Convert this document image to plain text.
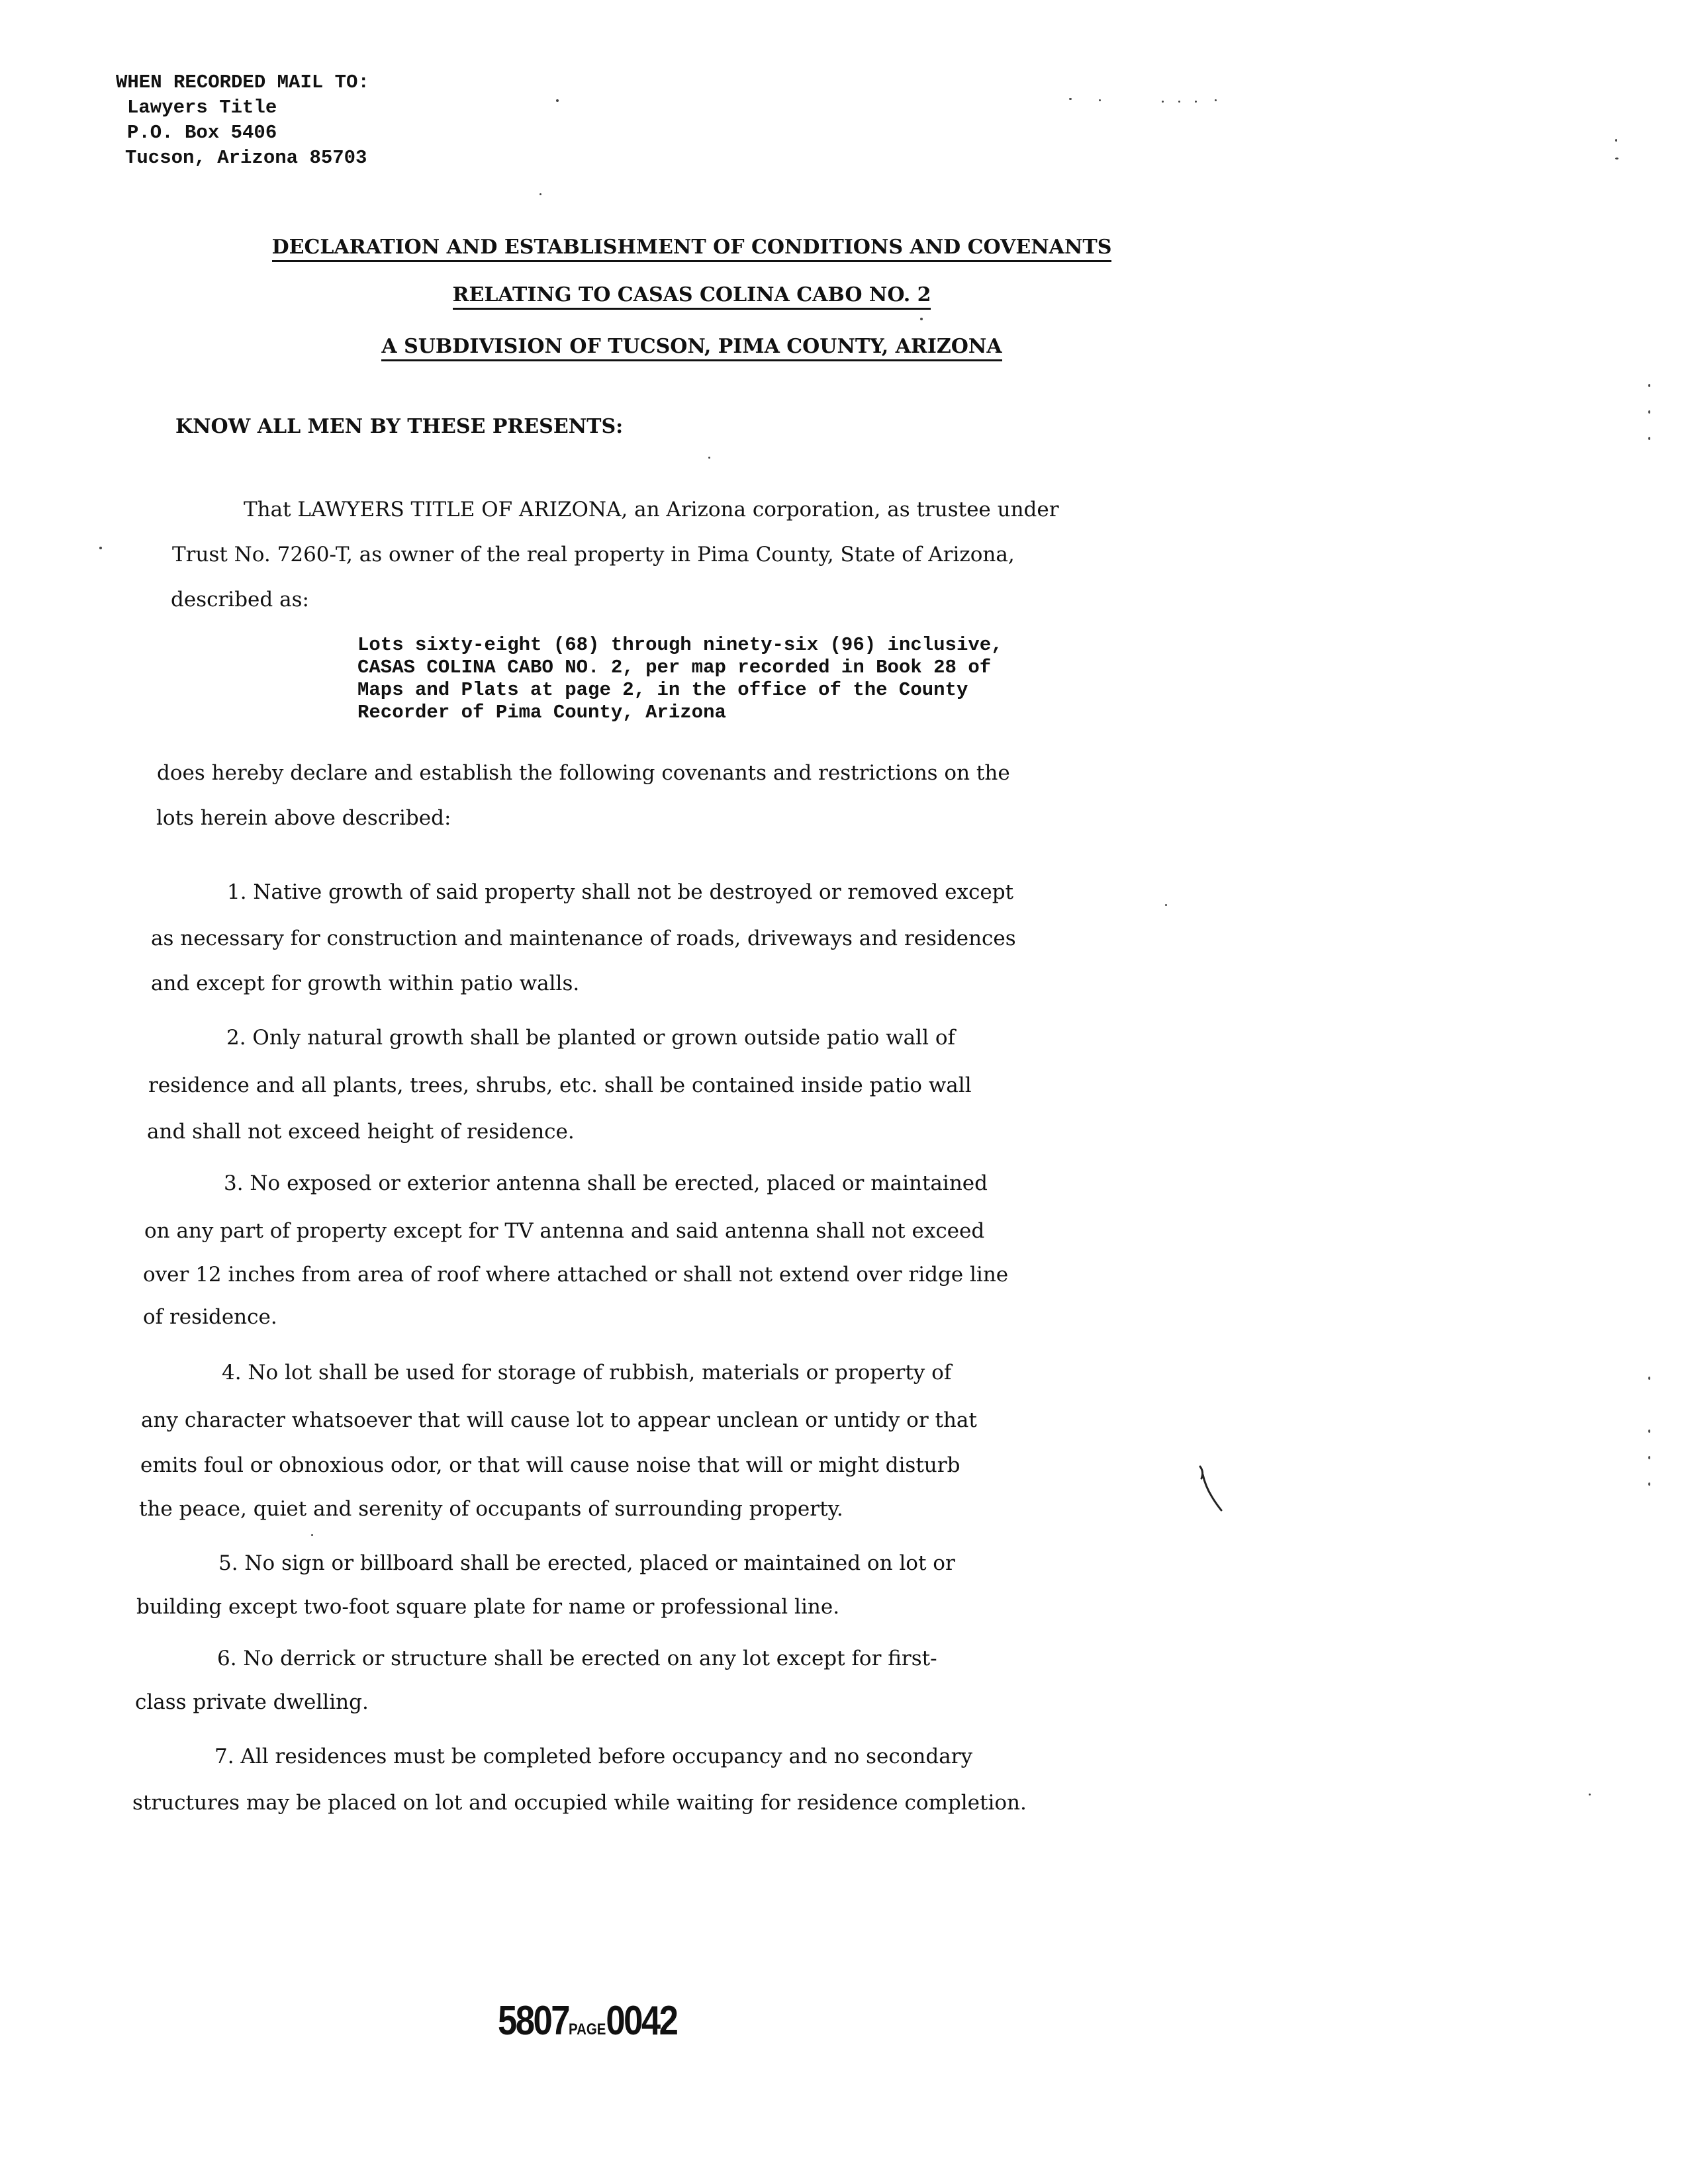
WHEN RECORDED MAIL TO:
Lawyers Title
P.O. Box 5406
Tucson, Arizona 85703
DECLARATION AND ESTABLISHMENT OF CONDITIONS AND COVENANTS
RELATING TO CASAS COLINA CABO NO. 2
A SUBDIVISION OF TUCSON, PIMA COUNTY, ARIZONA
KNOW ALL MEN BY THESE PRESENTS:
That LAWYERS TITLE OF ARIZONA, an Arizona corporation, as trustee under
Trust No. 7260-T, as owner of the real property in Pima County, State of Arizona,
described as:
Lots sixty-eight (68) through ninety-six (96) inclusive,
CASAS COLINA CABO NO. 2, per map recorded in Book 28 of
Maps and Plats at page 2, in the office of the County
Recorder of Pima County, Arizona
does hereby declare and establish the following covenants and restrictions on the
lots herein above described:
1. Native growth of said property shall not be destroyed or removed except
as necessary for construction and maintenance of roads, driveways and residences
and except for growth within patio walls.
2. Only natural growth shall be planted or grown outside patio wall of
residence and all plants, trees, shrubs, etc. shall be contained inside patio wall
and shall not exceed height of residence.
3. No exposed or exterior antenna shall be erected, placed or maintained
on any part of property except for TV antenna and said antenna shall not exceed
over 12 inches from area of roof where attached or shall not extend over ridge line
of residence.
4. No lot shall be used for storage of rubbish, materials or property of
any character whatsoever that will cause lot to appear unclean or untidy or that
emits foul or obnoxious odor, or that will cause noise that will or might disturb
the peace, quiet and serenity of occupants of surrounding property.
5. No sign or billboard shall be erected, placed or maintained on lot or
building except two-foot square plate for name or professional line.
6. No derrick or structure shall be erected on any lot except for first-
class private dwelling.
7. All residences must be completed before occupancy and no secondary
structures may be placed on lot and occupied while waiting for residence completion.
5807PAGE0042
